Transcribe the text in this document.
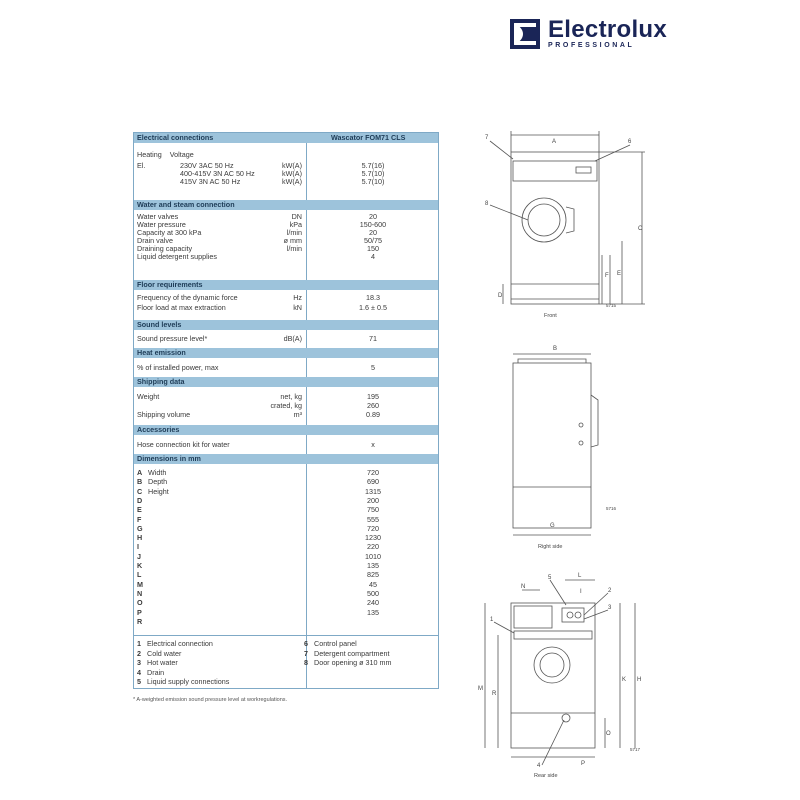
Electrolux
PROFESSIONAL
Electrical connections	Wascator FOM71 CLS
Heating    Voltage
El.	230V 3AC 50 Hz	kW(A)	5.7(16)
400-415V 3N AC 50 Hz	kW(A)	5.7(10)
415V 3N AC 50 Hz	kW(A)	5.7(10)
Water and steam connection
Water valves	DN	20
Water pressure	kPa	150-600
Capacity at 300 kPa	l/min	20
Drain valve	ø mm	50/75
Draining capacity	l/min	150
Liquid detergent supplies	4
Floor requirements
Frequency of the dynamic force	Hz	18.3
Floor load at max extraction	kN	1.6 ± 0.5
Sound levels
Sound pressure level*	dB(A)	71
Heat emission
% of installed power, max	5
Shipping data
Weight	net, kg	195
crated, kg	260
Shipping volume	m³	0.89
Accessories
Hose connection kit for water	x
Dimensions in mm
A Width	720
B Depth	690
C Height	1315
D	200
E	750
F	555
G	720
H	1230
I	220
J	1010
K	135
L	825
M	45
N	500
O	240
P	135
R
1 Electrical connection
2 Cold water
3 Hot water
4 Drain
5 Liquid supply connections
6 Control panel
7 Detergent compartment
8 Door opening ø 310 mm
* A-weighted emission sound pressure level at workregulations.
A
7
6
8
C
E
F
D
B
G
N
L
I
5
2
3
1
4
M
R
K H
O
P
Front
5715
Right side
5716
Rear side
5717
